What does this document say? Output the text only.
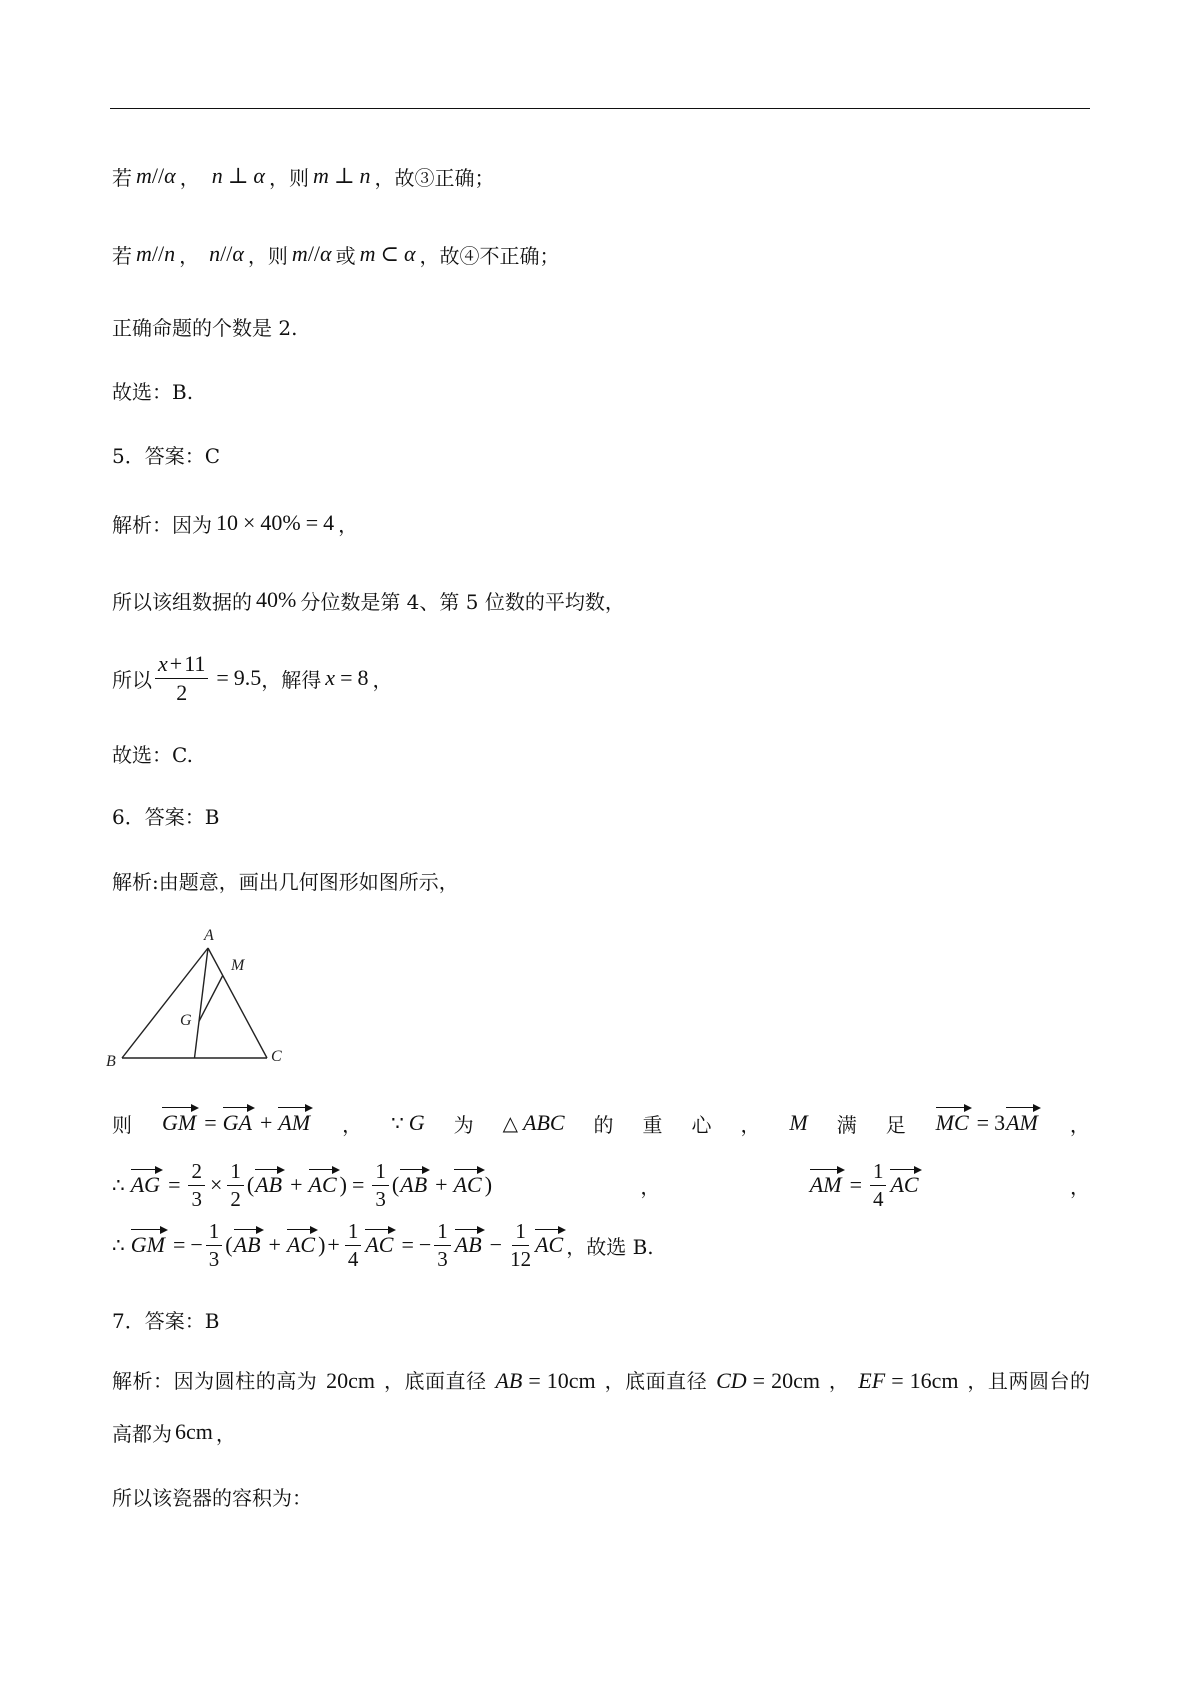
若 m // α ， n ⊥ α ，则 m ⊥ n ，故③正确；
若 m // n ， n // α ，则 m // α 或 m ⊂ α ，故④不正确；
正确命题的个数是 2.
故选：B.
5．答案：C
解析：因为 10 × 40% = 4 ，
所以该组数据的 40% 分位数是第 4、第 5 位数的平均数，
所以 $\frac{x + 11}{2} = 9.5$ ，解得 x = 8 ，
故选：C.
6．答案：B
解析:由题意，画出几何图形如图所示，
A
M
G
B	C
则 GM = GA + AM ， ∵ G 为 △ ABC 的 重 心 ， M 满 足 MC = 3 AM ，
∴ AG = $\frac{2}{3} \times \frac{1}{2}$ ( AB + AC ) = $\frac{1}{3}$ ( AB + AC )	，	AM = $\frac{1}{4}$ AC	，
∴ GM = − $\frac{1}{3}$ ( AB + AC ) + $\frac{1}{4}$ AC = − $\frac{1}{3}$ AB − $\frac{1}{12}$ AC ，故选 B.
7．答案：B
解析：因为圆柱的高为 20cm ，底面直径 AB = 10cm ，底面直径 CD = 20cm ， EF = 16cm ，且两圆台的
高都为 6cm ，
所以该瓷器的容积为：
